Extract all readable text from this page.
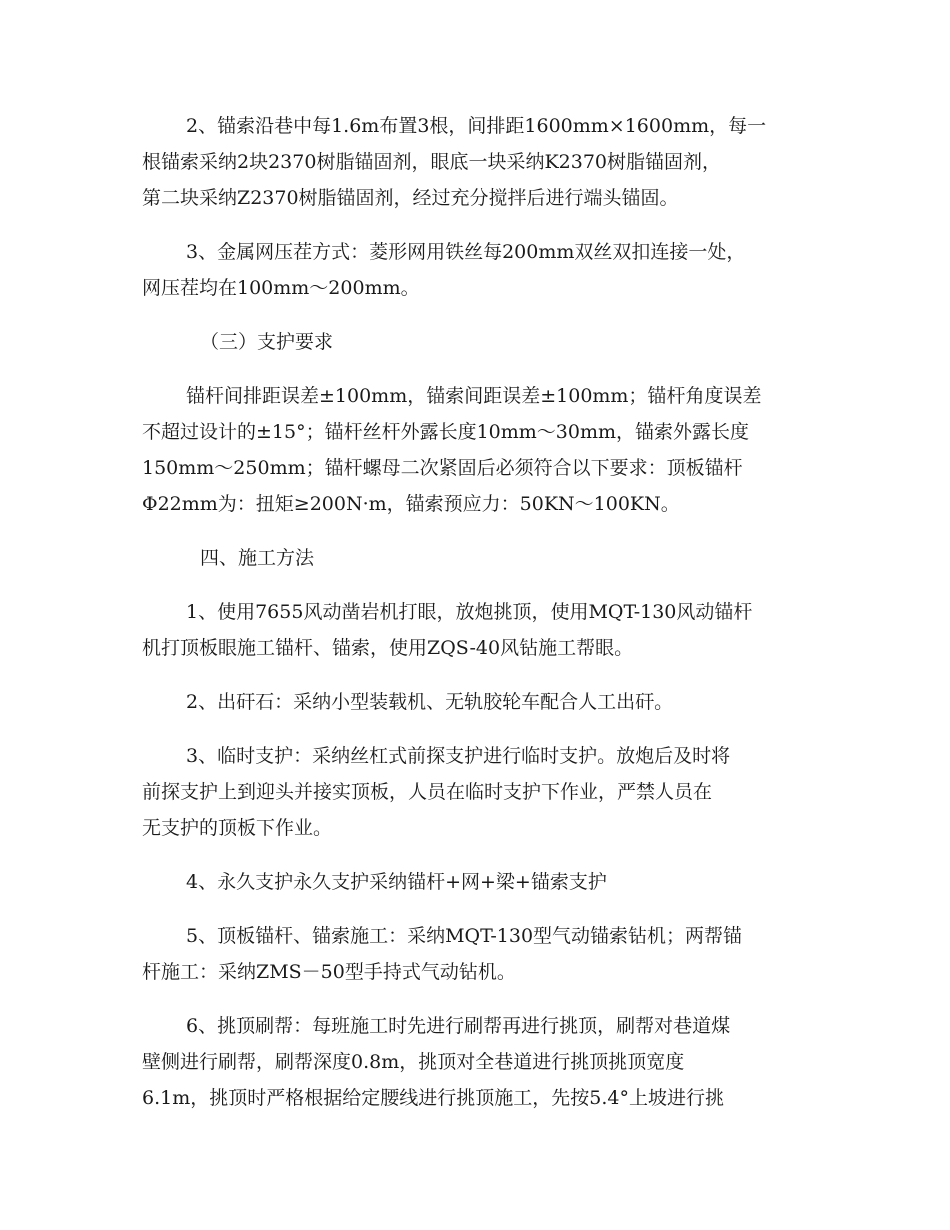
2、锚索沿巷中每1.6m布置3根，间排距1600mm×1600mm，每一
根锚索采纳2块2370树脂锚固剂，眼底一块采纳K2370树脂锚固剂，
第二块采纳Z2370树脂锚固剂，经过充分搅拌后进行端头锚固。
3、金属网压茬方式：菱形网用铁丝每200mm双丝双扣连接一处，
网压茬均在100mm～200mm。
（三）支护要求
锚杆间排距误差±100mm，锚索间距误差±100mm；锚杆角度误差
不超过设计的±15°；锚杆丝杆外露长度10mm～30mm，锚索外露长度
150mm～250mm；锚杆螺母二次紧固后必须符合以下要求：顶板锚杆
Φ22mm为：扭矩≥200N·m，锚索预应力：50KN～100KN。
四、施工方法
1、使用7655风动凿岩机打眼，放炮挑顶，使用MQT-130风动锚杆
机打顶板眼施工锚杆、锚索，使用ZQS-40风钻施工帮眼。
2、出矸石：采纳小型装载机、无轨胶轮车配合人工出矸。
3、临时支护：采纳丝杠式前探支护进行临时支护。放炮后及时将
前探支护上到迎头并接实顶板，人员在临时支护下作业，严禁人员在
无支护的顶板下作业。
4、永久支护永久支护采纳锚杆+网+梁+锚索支护
5、顶板锚杆、锚索施工：采纳MQT-130型气动锚索钻机；两帮锚
杆施工：采纳ZMS－50型手持式气动钻机。
6、挑顶刷帮：每班施工时先进行刷帮再进行挑顶，刷帮对巷道煤
壁侧进行刷帮，刷帮深度0.8m，挑顶对全巷道进行挑顶挑顶宽度
6.1m，挑顶时严格根据给定腰线进行挑顶施工，先按5.4°上坡进行挑
